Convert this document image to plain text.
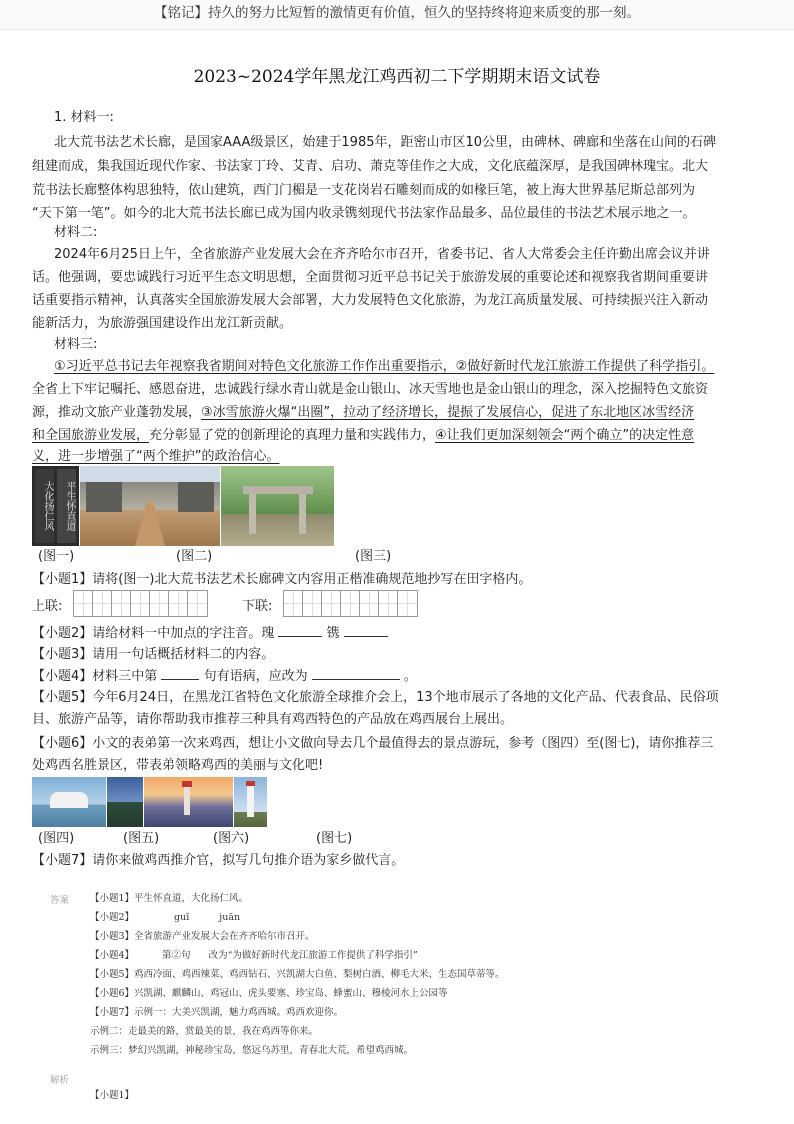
【铭记】持久的努力比短暂的激情更有价值，恒久的坚持终将迎来质变的那一刻。
2023~2024学年黑龙江鸡西初二下学期期末语文试卷
1. 材料一:
北大荒书法艺术长廊，是国家AAA级景区，始建于1985年，距密山市区10公里，由碑林、碑廊和坐落在山间的石碑
组建而成，集我国近现代作家、书法家丁玲、艾青、启功、萧克等佳作之大成，文化底蕴深厚，是我国碑林瑰宝。北大
荒书法长廊整体构思独特，依山建筑，西门门楣是一支花岗岩石雕刻而成的如椽巨笔，被上海大世界基尼斯总部列为
“天下第一笔”。如今的北大荒书法长廊已成为国内收录镌刻现代书法家作品最多、品位最佳的书法艺术展示地之一。
材料二:
2024年6月25日上午，全省旅游产业发展大会在齐齐哈尔市召开，省委书记、省人大常委会主任许勤出席会议并讲
话。他强调，要忠诚践行习近平生态文明思想，全面贯彻习近平总书记关于旅游发展的重要论述和视察我省期间重要讲
话重要指示精神，认真落实全国旅游发展大会部署，大力发展特色文化旅游，为龙江高质量发展、可持续振兴注入新动
能新活力，为旅游强国建设作出龙江新贡献。
材料三:
①习近平总书记去年视察我省期间对特色文化旅游工作作出重要指示，②做好新时代龙江旅游工作提供了科学指引。
全省上下牢记嘱托、感恩奋进，忠诚践行绿水青山就是金山银山、冰天雪地也是金山银山的理念，深入挖掘特色文旅资
源，推动文旅产业蓬勃发展，③冰雪旅游火爆“出圈”，拉动了经济增长，提振了发展信心，促进了东北地区冰雪经济
和全国旅游业发展，充分彰显了党的创新理论的真理力量和实践伟力，④让我们更加深刻领会“两个确立”的决定性意
义，进一步增强了“两个维护”的政治信心。
大化扬仁风	平生怀直道
(图一)	(图二)	(图三)
【小题1】请将(图一)北大荒书法艺术长廊碑文内容用正楷准确规范地抄写在田字格内。
上联:	下联:
【小题2】请给材料一中加点的字注音。瑰	镌
【小题3】请用一句话概括材料二的内容。
【小题4】材料三中第	句有语病，应改为	。
【小题5】今年6月24日，在黑龙江省特色文化旅游全球推介会上，13个地市展示了各地的文化产品、代表食品、民俗项
目、旅游产品等，请你帮助我市推荐三种具有鸡西特色的产品放在鸡西展台上展出。
【小题6】小文的表弟第一次来鸡西，想让小文做向导去几个最值得去的景点游玩，参考（图四）至(图七)，请你推荐三
处鸡西名胜景区，带表弟领略鸡西的美丽与文化吧!
(图四)	(图五)	(图六)	(图七)
【小题7】请你来做鸡西推介官，拟写几句推介语为家乡做代言。
答案 【小题1】平生怀直道，大化扬仁风。
【小题2】	guī	juān
【小题3】全省旅游产业发展大会在齐齐哈尔市召开。
【小题4】	第②句 改为“为做好新时代龙江旅游工作提供了科学指引”
【小题5】鸡西冷面、鸡西辣菜、鸡西钻石、兴凯湖大白鱼、梨树白酒、柳毛大米、生态国草蒂等。
【小题6】兴凯湖、麒麟山、鸡冠山、虎头要塞、珍宝岛、蜂蜜山、穆棱河水上公园等
【小题7】示例一：大美兴凯湖，魅力鸡西城。鸡西欢迎你。
示例二：走最美的路，赏最美的景，我在鸡西等你来。
示例三：梦幻兴凯湖，神秘珍宝岛，悠远乌苏里，青春北大荒，希望鸡西城。
解析
【小题1】
